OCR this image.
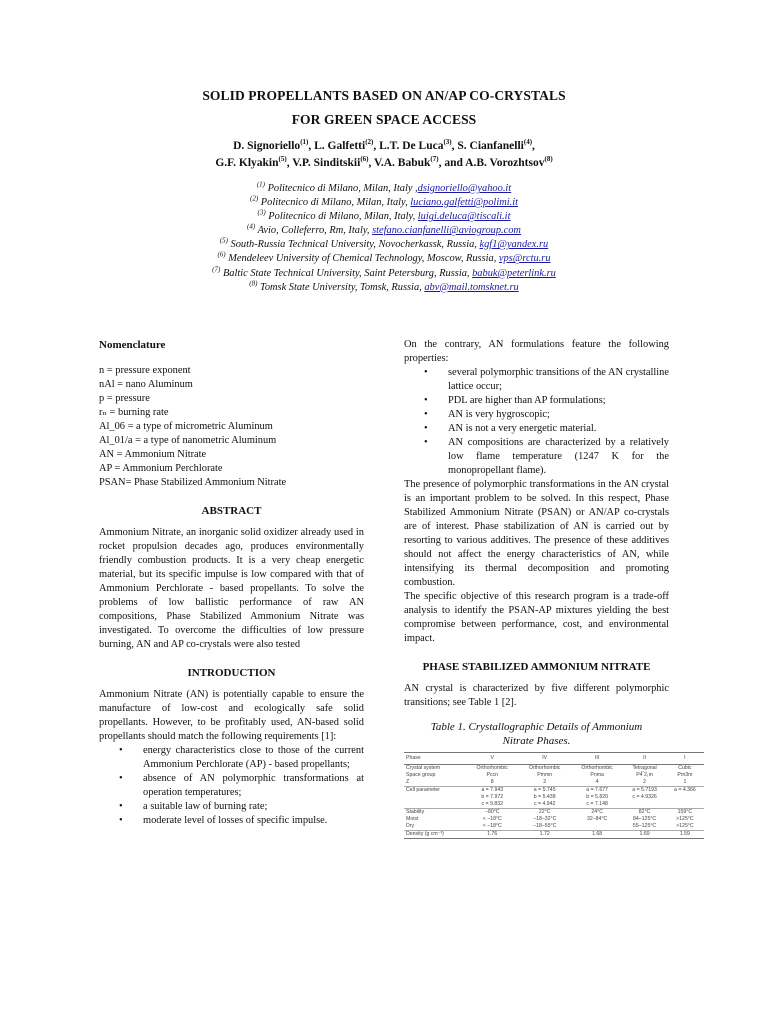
SOLID PROPELLANTS BASED ON AN/AP CO-CRYSTALS
FOR GREEN SPACE ACCESS
D. Signoriello$^{(1)}$, L. Galfetti$^{(2)}$, L.T. De Luca$^{(3)}$, S. Cianfanelli$^{(4)}$,
G.F. Klyakin$^{(5)}$, V.P. Sinditskii$^{(6)}$, V.A. Babuk$^{(7)}$, and A.B. Vorozhtsov$^{(8)}$
$^{(1)}$ Politecnico di Milano, Milan, Italy ,dsignoriello@yahoo.it
$^{(2)}$ Politecnico di Milano, Milan, Italy, luciano.galfetti@polimi.it
$^{(3)}$ Politecnico di Milano, Milan, Italy, luigi.deluca@tiscali.it
$^{(4)}$ Avio, Colleferro, Rm, Italy, stefano.cianfanelli@aviogroup.com
$^{(5)}$ South-Russia Technical University, Novocherkassk, Russia, kgf1@yandex.ru
$^{(6)}$ Mendeleev University of Chemical Technology, Moscow, Russia, vps@rctu.ru
$^{(7)}$ Baltic State Technical University, Saint Petersburg, Russia, babuk@peterlink.ru
$^{(8)}$ Tomsk State University, Tomsk, Russia, abv@mail.tomsknet.ru

Nomenclature

n = pressure exponent
nAl = nano Aluminum
p = pressure
rₙ = burning rate
Al_06 = a type of micrometric Aluminum
Al_01/a = a type of nanometric Aluminum
AN = Ammonium Nitrate
AP = Ammonium Perchlorate
PSAN= Phase Stabilized Ammonium Nitrate

ABSTRACT

Ammonium Nitrate, an inorganic solid oxidizer already used in rocket propulsion decades ago, produces environmentally friendly combustion products. It is a very cheap energetic material, but its specific impulse is low compared with that of Ammonium Perchlorate - based propellants. To solve the problems of low ballistic performance of raw AN compositions, Phase Stabilized Ammonium Nitrate was investigated. To overcome the difficulties of low pressure burning, AN and AP co-crystals were also tested

INTRODUCTION

Ammonium Nitrate (AN) is potentially capable to ensure the manufacture of low-cost and ecologically safe solid propellants. However, to be profitably used, AN-based solid propellants should match the following requirements [1]:

• energy characteristics close to those of the current Ammonium Perchlorate (AP) - based propellants;
• absence of AN polymorphic transformations at operation temperatures;
• a suitable law of burning rate;
• moderate level of losses of specific impulse.

On the contrary, AN formulations feature the following properties:

• several polymorphic transitions of the AN crystalline lattice occur;
• PDL are higher than AP formulations;
• AN is very hygroscopic;
• AN is not a very energetic material.
• AN compositions are characterized by a relatively low flame temperature (1247 K for the monopropellant flame).

The presence of polymorphic transformations in the AN crystal is an important problem to be solved. In this respect, Phase Stabilized Ammonium Nitrate (PSAN) or AN/AP co-crystals are of interest. Phase stabilization of AN is carried out by resorting to various additives. The presence of these additives should not affect the energy characteristics of AN, while intensifying its thermal decomposition and promoting combustion.

The specific objective of this research program is a trade-off analysis to identify the PSAN-AP mixtures yielding the best compromise between performance, cost, and environmental impact.

PHASE STABILIZED AMMONIUM NITRATE

AN crystal is characterized by five different polymorphic transitions; see Table 1 [2].

Table 1. Crystallographic Details of Ammonium
Nitrate Phases.
Phase	V	IV	III	II	I
Crystal system	Orthorhombic	Orthorhombic	Orthorhombic	Tetragonal	Cubic
Space group	Pccn	Pmmn	Pnma	P4̅ 2₁m	Pm3m
Z	8	2	4	2	1
Cell parameter	a = 7.943	a = 5.745	a = 7.677	a = 5.7193	a = 4.366
	b = 7.972	b = 5.438	b = 5.820	c = 4.9326	
	c = 9.832	c = 4.942	c = 7.148		
Stability	−80°C	22°C	24°C	82°C	159°C
Moist	< −18°C	−18–32°C	32–84°C	84–125°C	>125°C
Dry	< −18°C	−18–55°C		55–125°C	>125°C
Density (g cm⁻³)	1.76	1.72	1.68	1.69	1.59
